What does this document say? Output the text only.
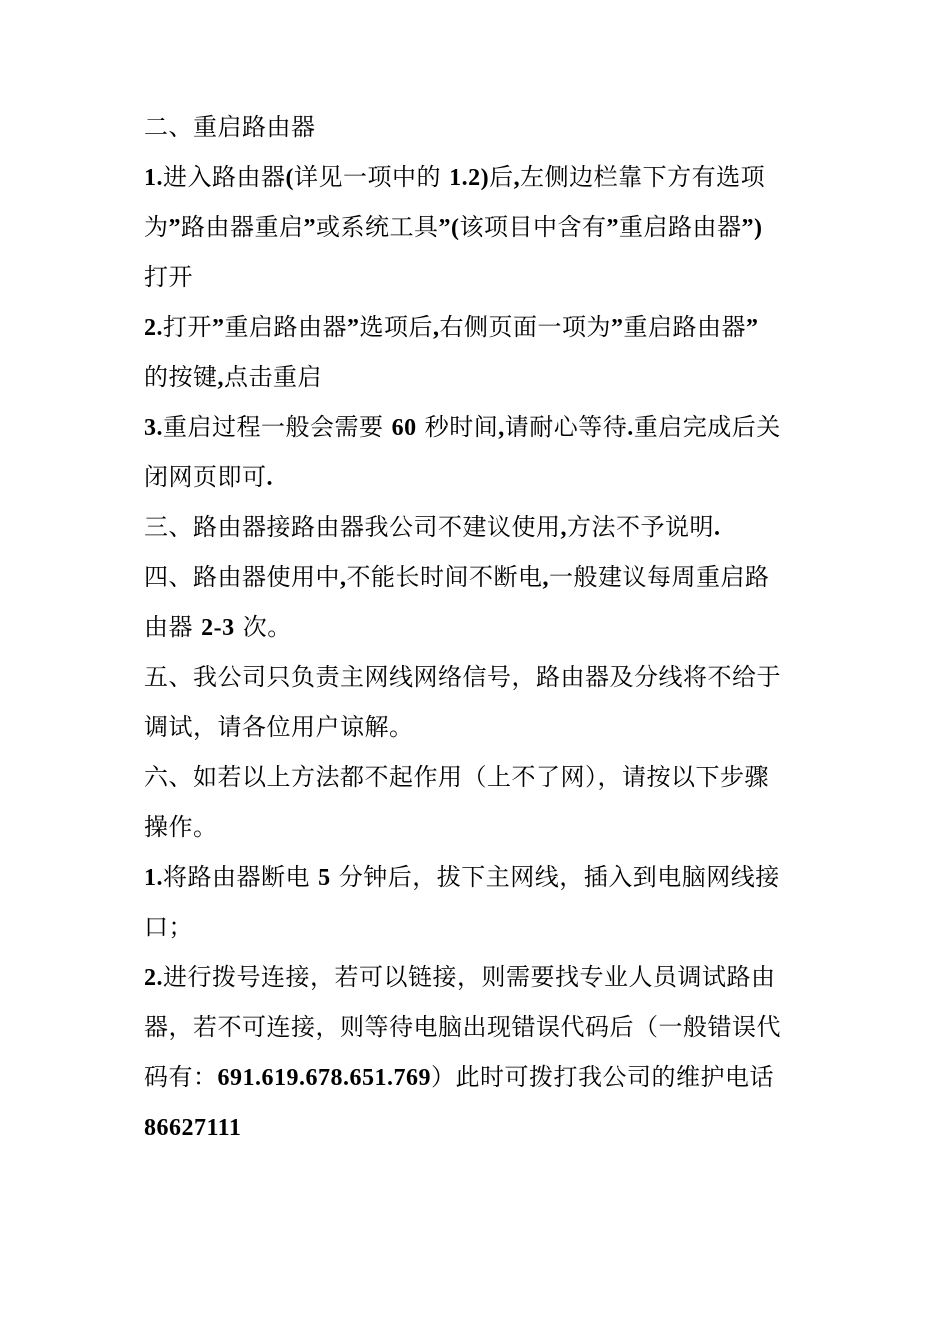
二、重启路由器
1.进入路由器(详见一项中的 1.2)后,左侧边栏靠下方有选项
为”路由器重启”或系统工具”(该项目中含有”重启路由器”)
打开
2.打开”重启路由器”选项后,右侧页面一项为”重启路由器”
的按键,点击重启
3.重启过程一般会需要 60 秒时间,请耐心等待.重启完成后关
闭网页即可.
三、路由器接路由器我公司不建议使用,方法不予说明.
四、路由器使用中,不能长时间不断电,一般建议每周重启路
由器 2-3 次。
五、我公司只负责主网线网络信号，路由器及分线将不给于
调试，请各位用户谅解。
六、如若以上方法都不起作用（上不了网），请按以下步骤
操作。
1.将路由器断电 5 分钟后，拔下主网线，插入到电脑网线接
口；
2.进行拨号连接，若可以链接，则需要找专业人员调试路由
器，若不可连接，则等待电脑出现错误代码后（一般错误代
码有：691.619.678.651.769）此时可拨打我公司的维护电话
86627111
